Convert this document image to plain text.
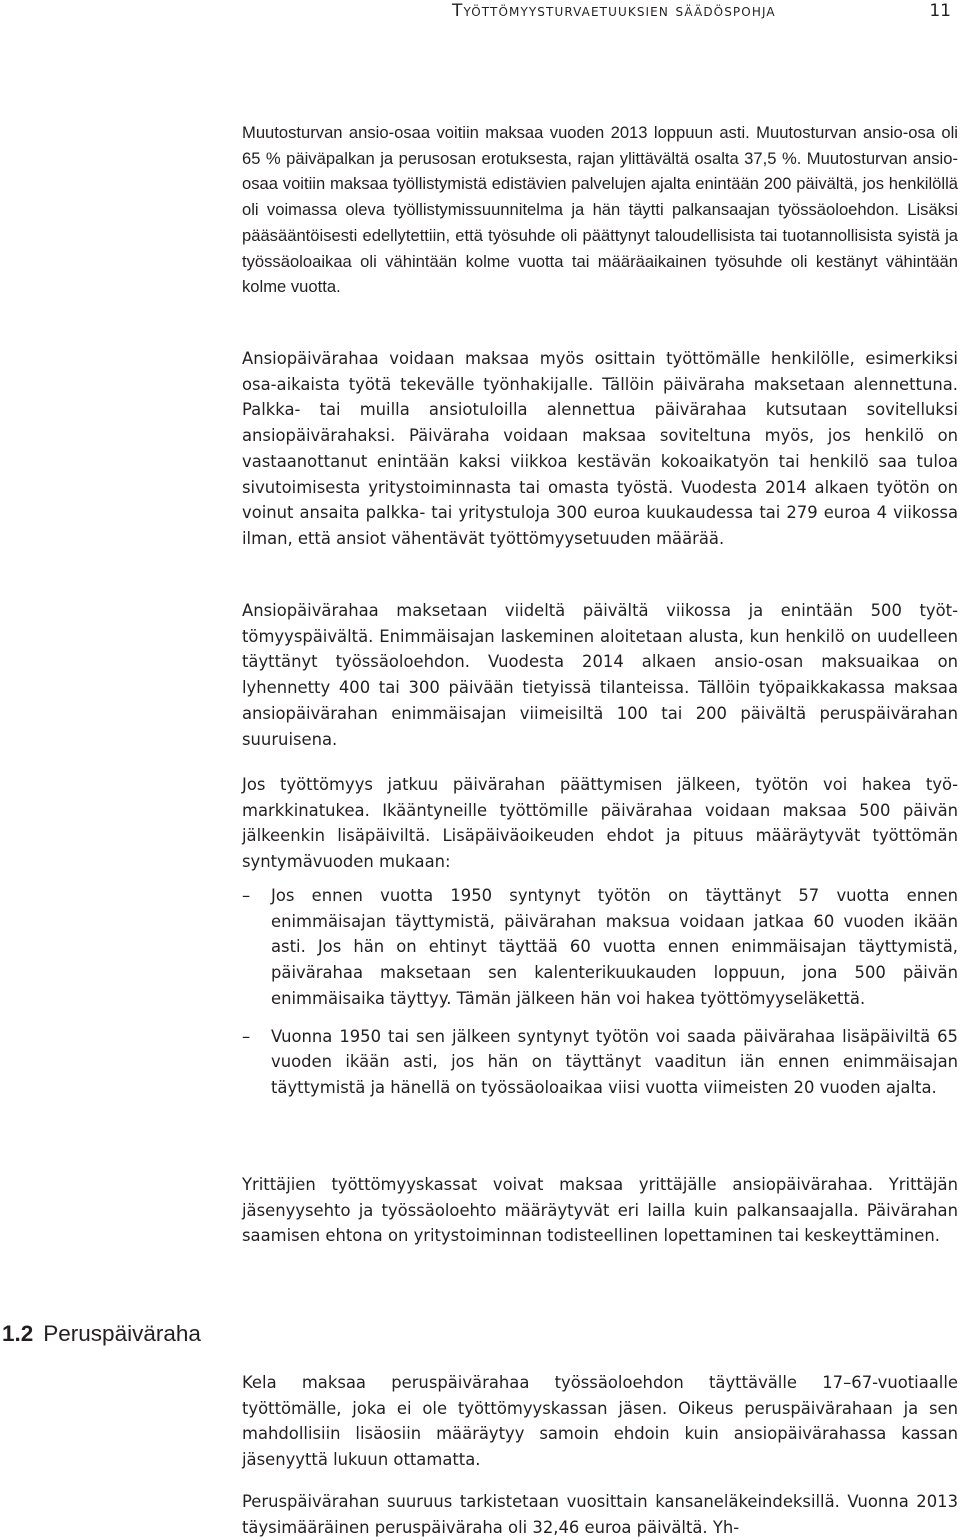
Työttömyysturvaetuuksien säädöspohja	11

Muutosturvan ansio-osaa voitiin maksaa vuoden 2013 loppuun asti. Muutosturvan ansio-osa oli 65 % päiväpalkan ja perusosan erotuksesta, rajan ylittävältä osalta 37,5 %. Muutosturvan ansio-osaa voitiin maksaa työllistymistä edistävien palvelujen ajalta enintään 200 päivältä, jos henkilöllä oli voimassa oleva työllistymissuunnitelma ja hän täytti palkansaajan työssäoloehdon. Lisäksi pääsääntöisesti edellytettiin, että työsuhde oli päättynyt taloudellisista tai tuotannollisista syistä ja työssäoloaikaa oli vähintään kolme vuotta tai määräaikainen työsuhde oli kestänyt vähintään kolme vuotta.

Ansiopäivärahaa voidaan maksaa myös osittain työttömälle henkilölle, esimerkiksi osa-aikaista työtä tekevälle työnhakijalle. Tällöin päiväraha maksetaan alennettuna. Palkka- tai muilla ansiotuloilla alennettua päivärahaa kutsutaan sovitelluksi ansiopäivärahaksi. Päiväraha voidaan maksaa soviteltuna myös, jos henkilö on vastaanottanut enintään kaksi viikkoa kestävän kokoaikatyön tai henkilö saa tuloa sivutoimisesta yritystoiminnasta tai omasta työstä. Vuodesta 2014 alkaen työtön on voinut ansaita palkka- tai yritystuloja 300 euroa kuukaudessa tai 279 euroa 4 viikossa ilman, että ansiot vähentävät työttömyysetuuden määrää.

Ansiopäivärahaa maksetaan viideltä päivältä viikossa ja enintään 500 työttömyyspäivältä. Enimmäisajan laskeminen aloitetaan alusta, kun henkilö on uudelleen täyttänyt työssäoloehdon. Vuodesta 2014 alkaen ansio-osan maksuaikaa on lyhennetty 400 tai 300 päivään tietyissä tilanteissa. Tällöin työpaikkakassa maksaa ansiopäivärahan enimmäisajan viimeisiltä 100 tai 200 päivältä peruspäivärahan suuruisena.

Jos työttömyys jatkuu päivärahan päättymisen jälkeen, työtön voi hakea työmarkkinatukea. Ikääntyneille työttömille päivärahaa voidaan maksaa 500 päivän jälkeenkin lisäpäiviltä. Lisäpäiväoikeuden ehdot ja pituus määräytyvät työttömän syntymävuoden mukaan:

– Jos ennen vuotta 1950 syntynyt työtön on täyttänyt 57 vuotta ennen enimmäisajan täyttymistä, päivärahan maksua voidaan jatkaa 60 vuoden ikään asti. Jos hän on ehtinyt täyttää 60 vuotta ennen enimmäisajan täyttymistä, päivärahaa maksetaan sen kalenterikuukauden loppuun, jona 500 päivän enimmäisaika täyttyy. Tämän jälkeen hän voi hakea työttömyyseläkettä.
– Vuonna 1950 tai sen jälkeen syntynyt työtön voi saada päivärahaa lisäpäiviltä 65 vuoden ikään asti, jos hän on täyttänyt vaaditun iän ennen enimmäisajan täyttymistä ja hänellä on työssäoloaikaa viisi vuotta viimeisten 20 vuoden ajalta.

Yrittäjien työttömyyskassat voivat maksaa yrittäjälle ansiopäivärahaa. Yrittäjän jäsenyysehto ja työssäoloehto määräytyvät eri lailla kuin palkansaajalla. Päivärahan saamisen ehtona on yritystoiminnan todisteellinen lopettaminen tai keskeyttäminen.

1.2 Peruspäiväraha

Kela maksaa peruspäivärahaa työssäoloehdon täyttävälle 17–67-vuotiaalle työttömälle, joka ei ole työttömyyskassan jäsen. Oikeus peruspäivärahaan ja sen mahdollisiin lisäosiin määräytyy samoin ehdoin kuin ansiopäivärahassa kassan jäsenyyttä lukuun ottamatta.

Peruspäivärahan suuruus tarkistetaan vuosittain kansaneläkeindeksillä. Vuonna 2013 täysimääräinen peruspäiväraha oli 32,46 euroa päivältä. Yh-
